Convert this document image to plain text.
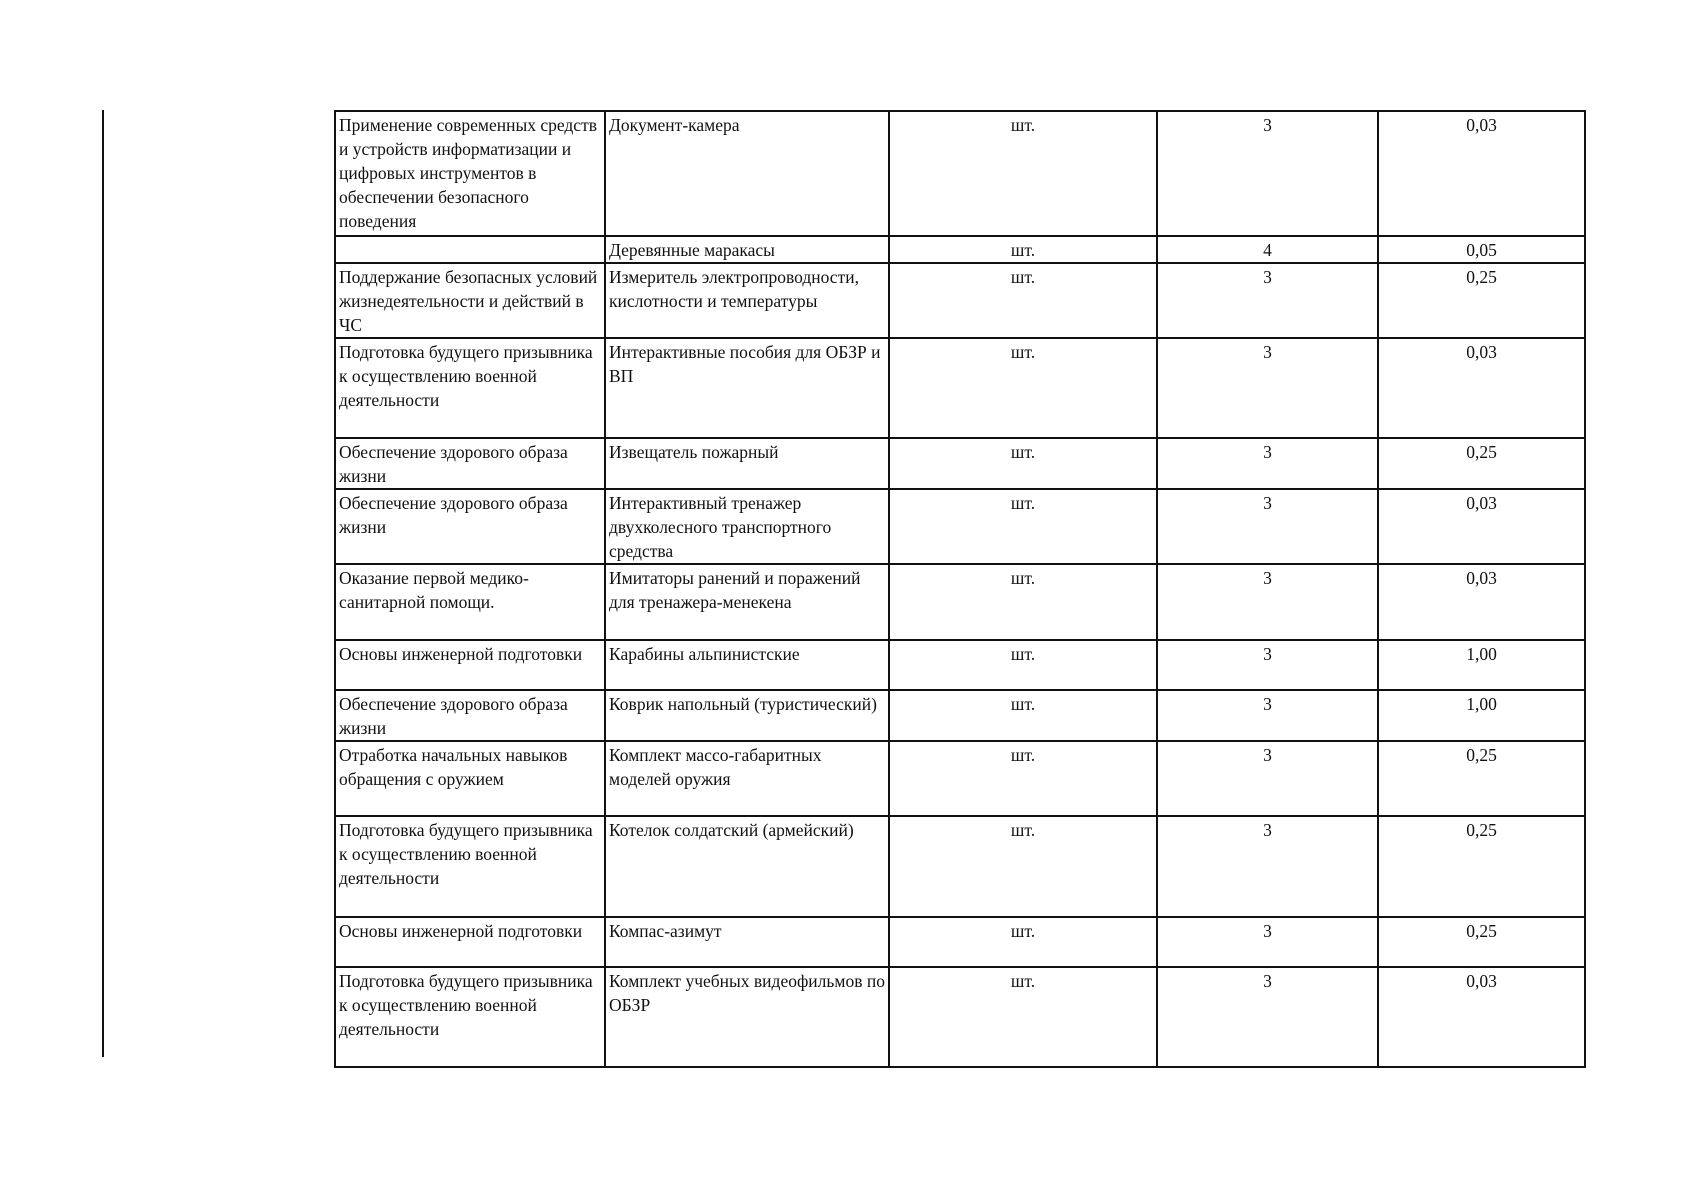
Применение современных средств и устройств информатизации и цифровых инструментов в обеспечении безопасного поведения	Документ-камера	шт.	3	0,03
	Деревянные маракасы	шт.	4	0,05
Поддержание безопасных условий жизнедеятельности и действий в ЧС	Измеритель электропроводности, кислотности и температуры	шт.	3	0,25
Подготовка будущего призывника к осуществлению военной деятельности	Интерактивные пособия для ОБЗР и ВП	шт.	3	0,03
Обеспечение здорового образа жизни	Извещатель пожарный	шт.	3	0,25
Обеспечение здорового образа жизни	Интерактивный тренажер двухколесного транспортного средства	шт.	3	0,03
Оказание первой медико-санитарной помощи.	Имитаторы ранений и поражений для тренажера-менекена	шт.	3	0,03
Основы инженерной подготовки	Карабины альпинистские	шт.	3	1,00
Обеспечение здорового образа жизни	Коврик напольный (туристический)	шт.	3	1,00
Отработка начальных навыков обращения с оружием	Комплект массо-габаритных моделей оружия	шт.	3	0,25
Подготовка будущего призывника к осуществлению военной деятельности	Котелок солдатский (армейский)	шт.	3	0,25
Основы инженерной подготовки	Компас-азимут	шт.	3	0,25
Подготовка будущего призывника к осуществлению военной деятельности	Комплект учебных видеофильмов по ОБЗР	шт.	3	0,03
